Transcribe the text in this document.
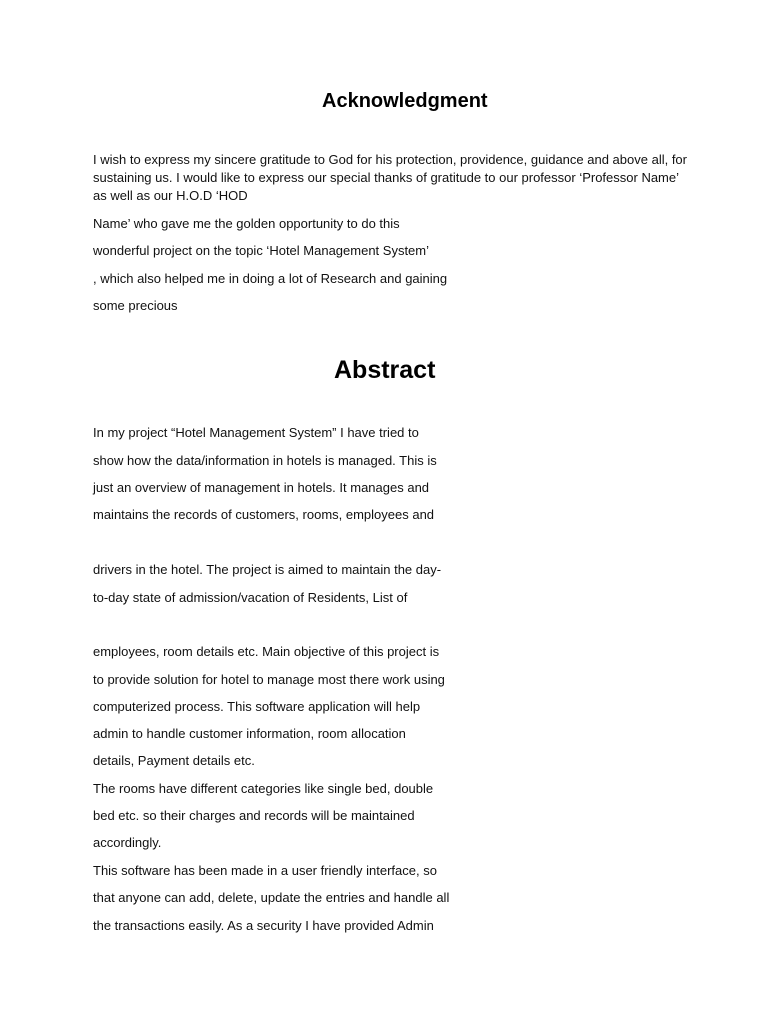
Acknowledgment
I wish to express my sincere gratitude to God for his protection, providence, guidance and above all, for sustaining us. I would like to express our special thanks of gratitude to our professor ‘Professor Name’ as well as our H.O.D ‘HOD
Name’ who gave me the golden opportunity to do this
wonderful project on the topic ‘Hotel Management System’
, which also helped me in doing a lot of Research and gaining
some precious
Abstract
In my project “Hotel Management System” I have tried to
show how the data/information in hotels is managed. This is
just an overview of management in hotels. It manages and
maintains the records of customers, rooms, employees and
drivers in the hotel. The project is aimed to maintain the day-
to-day state of admission/vacation of Residents, List of
employees, room details etc. Main objective of this project is
to provide solution for hotel to manage most there work using
computerized process. This software application will help
admin to handle customer information, room allocation
details, Payment details etc.
The rooms have different categories like single bed, double
bed etc. so their charges and records will be maintained
accordingly.
This software has been made in a user friendly interface, so
that anyone can add, delete, update the entries and handle all
the transactions easily. As a security I have provided Admin
